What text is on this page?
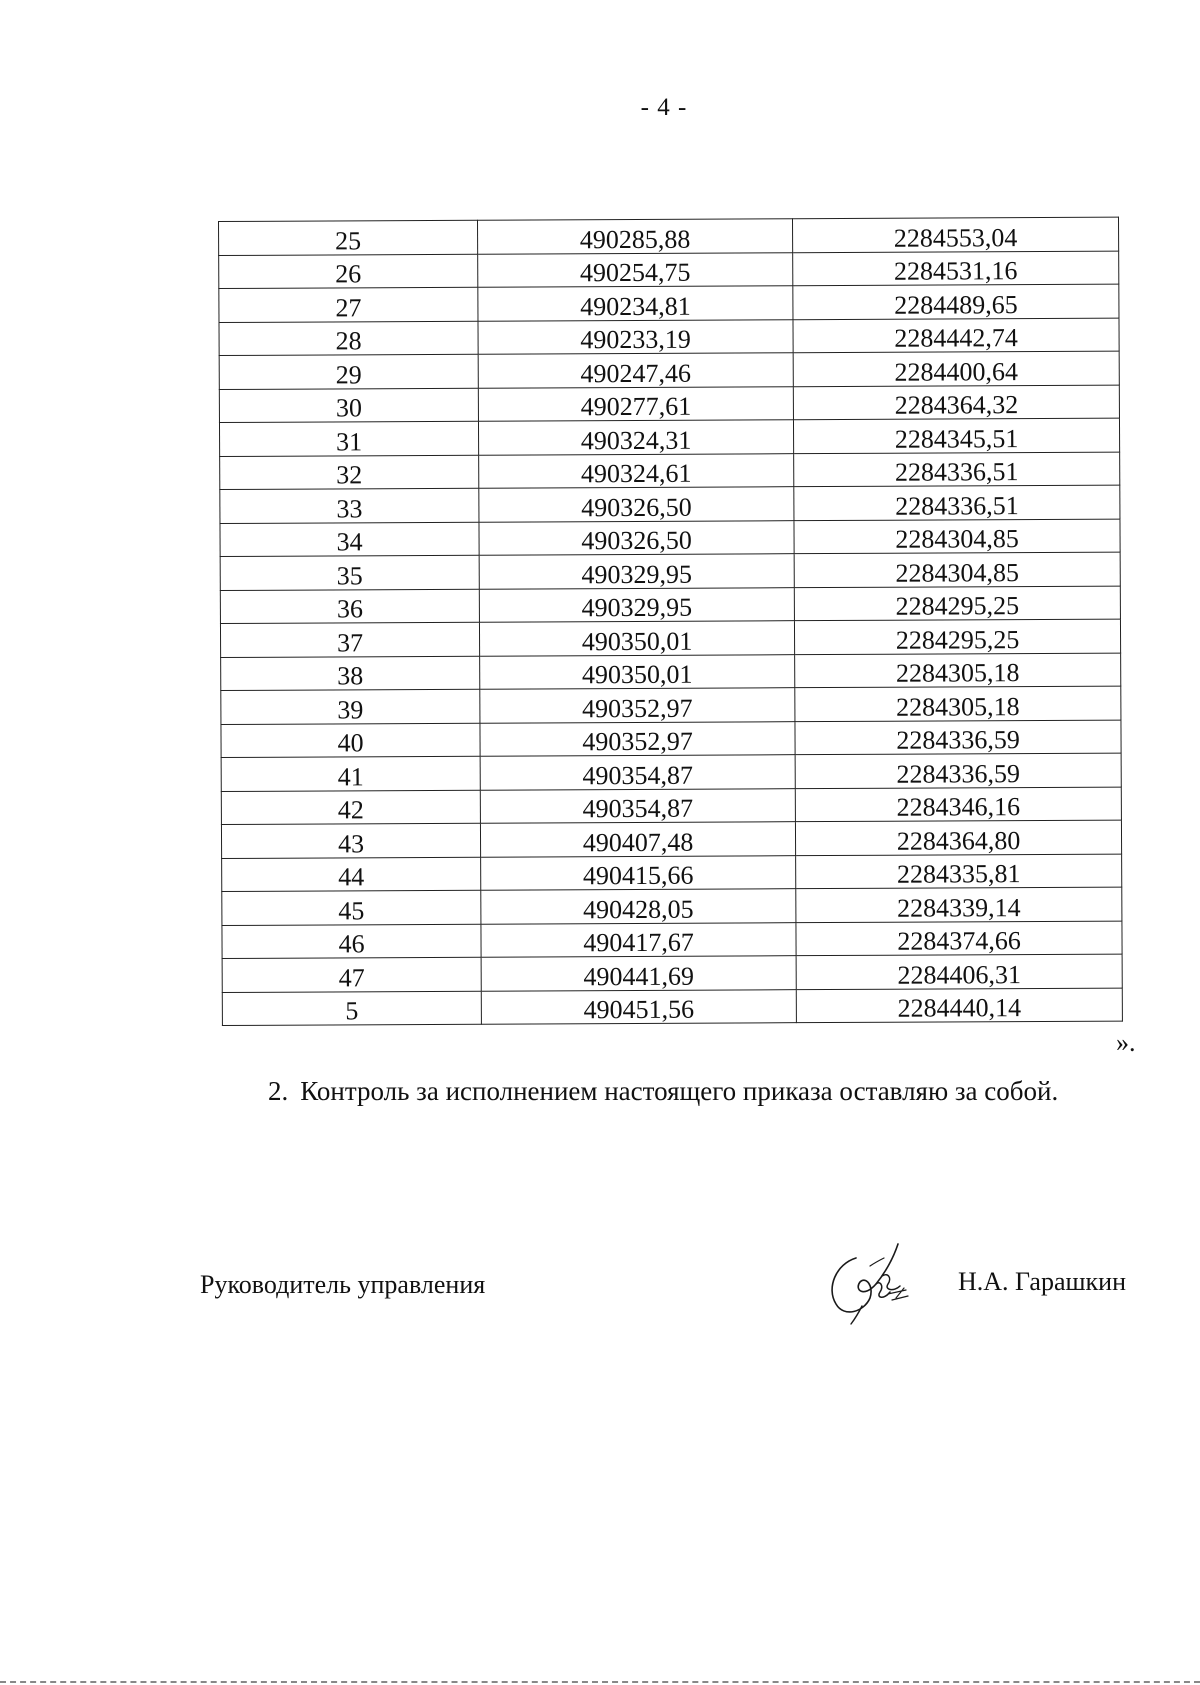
- 4 -
25	490285,88	2284553,04
26	490254,75	2284531,16
27	490234,81	2284489,65
28	490233,19	2284442,74
29	490247,46	2284400,64
30	490277,61	2284364,32
31	490324,31	2284345,51
32	490324,61	2284336,51
33	490326,50	2284336,51
34	490326,50	2284304,85
35	490329,95	2284304,85
36	490329,95	2284295,25
37	490350,01	2284295,25
38	490350,01	2284305,18
39	490352,97	2284305,18
40	490352,97	2284336,59
41	490354,87	2284336,59
42	490354,87	2284346,16
43	490407,48	2284364,80
44	490415,66	2284335,81
45	490428,05	2284339,14
46	490417,67	2284374,66
47	490441,69	2284406,31
5	490451,56	2284440,14
».
2. Контроль за исполнением настоящего приказа оставляю за собой.
Руководитель управления	Н.А. Гарашкин
